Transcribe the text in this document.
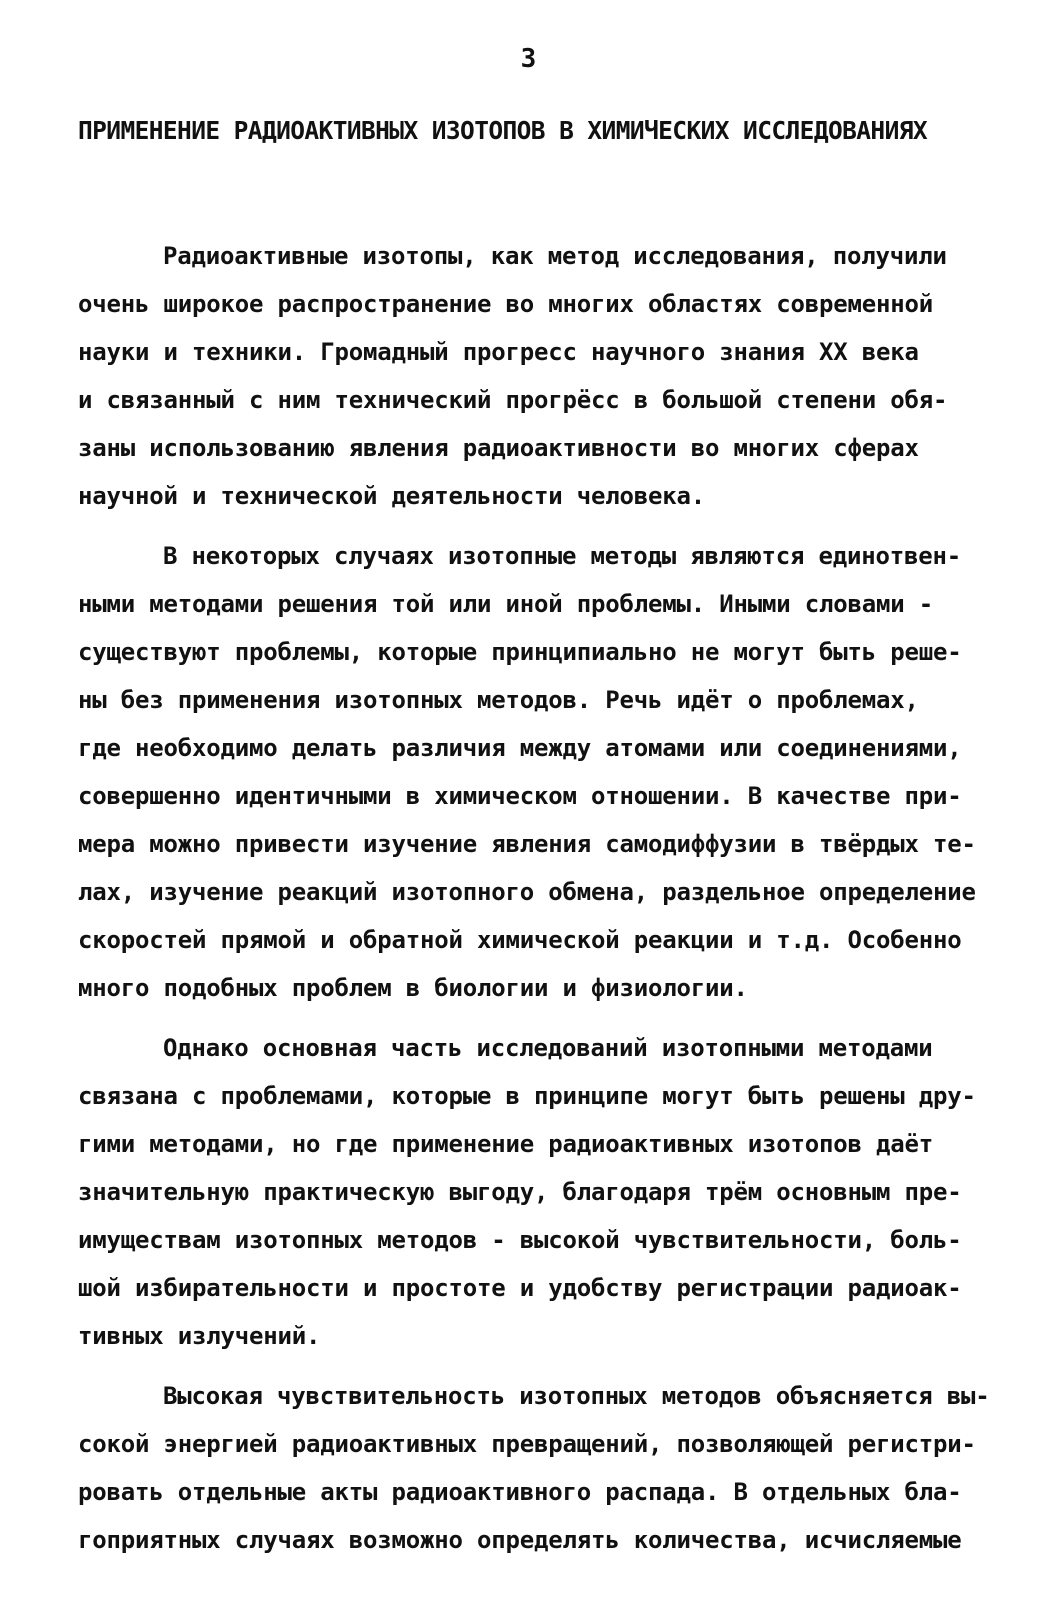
3
ПРИМЕНЕНИЕ РАДИОАКТИВНЫХ ИЗОТОПОВ В ХИМИЧЕСКИХ ИССЛЕДОВАНИЯХ
Радиоактивные изотопы, как метод исследования, получили
очень широкое распространение во многих областях современной
науки и техники. Громадный прогресс научного знания XX века
и связанный с ним технический прогрёсс в большой степени обя-
заны использованию явления радиоактивности во многих сферах
научной и технической деятельности человека.
В некоторых случаях изотопные методы являются единотвен-
ными методами решения той или иной проблемы. Иными словами -
существуют проблемы, которые принципиально не могут быть реше-
ны без применения изотопных методов. Речь идёт о проблемах,
где необходимо делать различия между атомами или соединениями,
совершенно идентичными в химическом отношении. В качестве при-
мера можно привести изучение явления самодиффузии в твёрдых те-
лах, изучение реакций изотопного обмена, раздельное определение
скоростей прямой и обратной химической реакции и т.д. Особенно
много подобных проблем в биологии и физиологии.
Однако основная часть исследований изотопными методами
связана с проблемами, которые в принципе могут быть решены дру-
гими методами, но где применение радиоактивных изотопов даёт
значительную практическую выгоду, благодаря трём основным пре-
имуществам изотопных методов - высокой чувствительности, боль-
шой избирательности и простоте и удобству регистрации радиоак-
тивных излучений.
Высокая чувствительность изотопных методов объясняется вы-
сокой энергией радиоактивных превращений, позволяющей регистри-
ровать отдельные акты радиоактивного распада. В отдельных бла-
гоприятных случаях возможно определять количества, исчисляемые
